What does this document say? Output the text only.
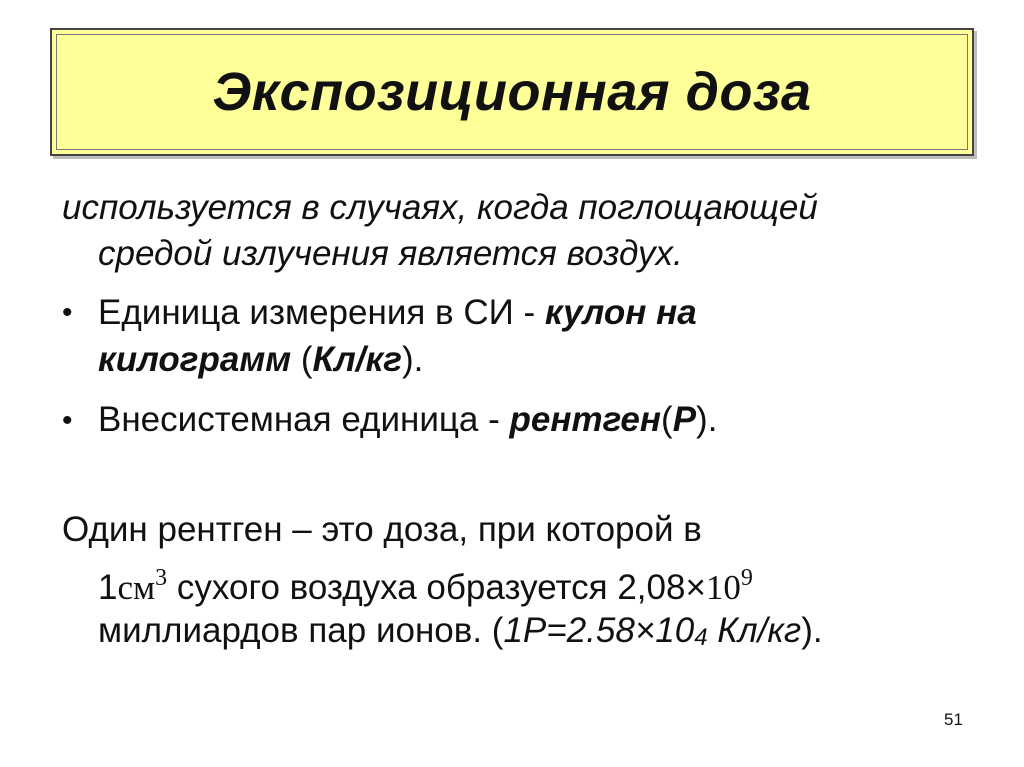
Экспозиционная доза
используется в случаях, когда поглощающей
средой излучения является воздух.
• Единица измерения в СИ - кулон на
килограмм (Кл/кг).
• Внесистемная единица - рентген(Р).
Один рентген – это доза, при которой в
$1см^3$ сухого воздуха образуется $2,08\times 10^9$
миллиардов пар ионов. (1Р=2.58×104 Кл/кг).
51
